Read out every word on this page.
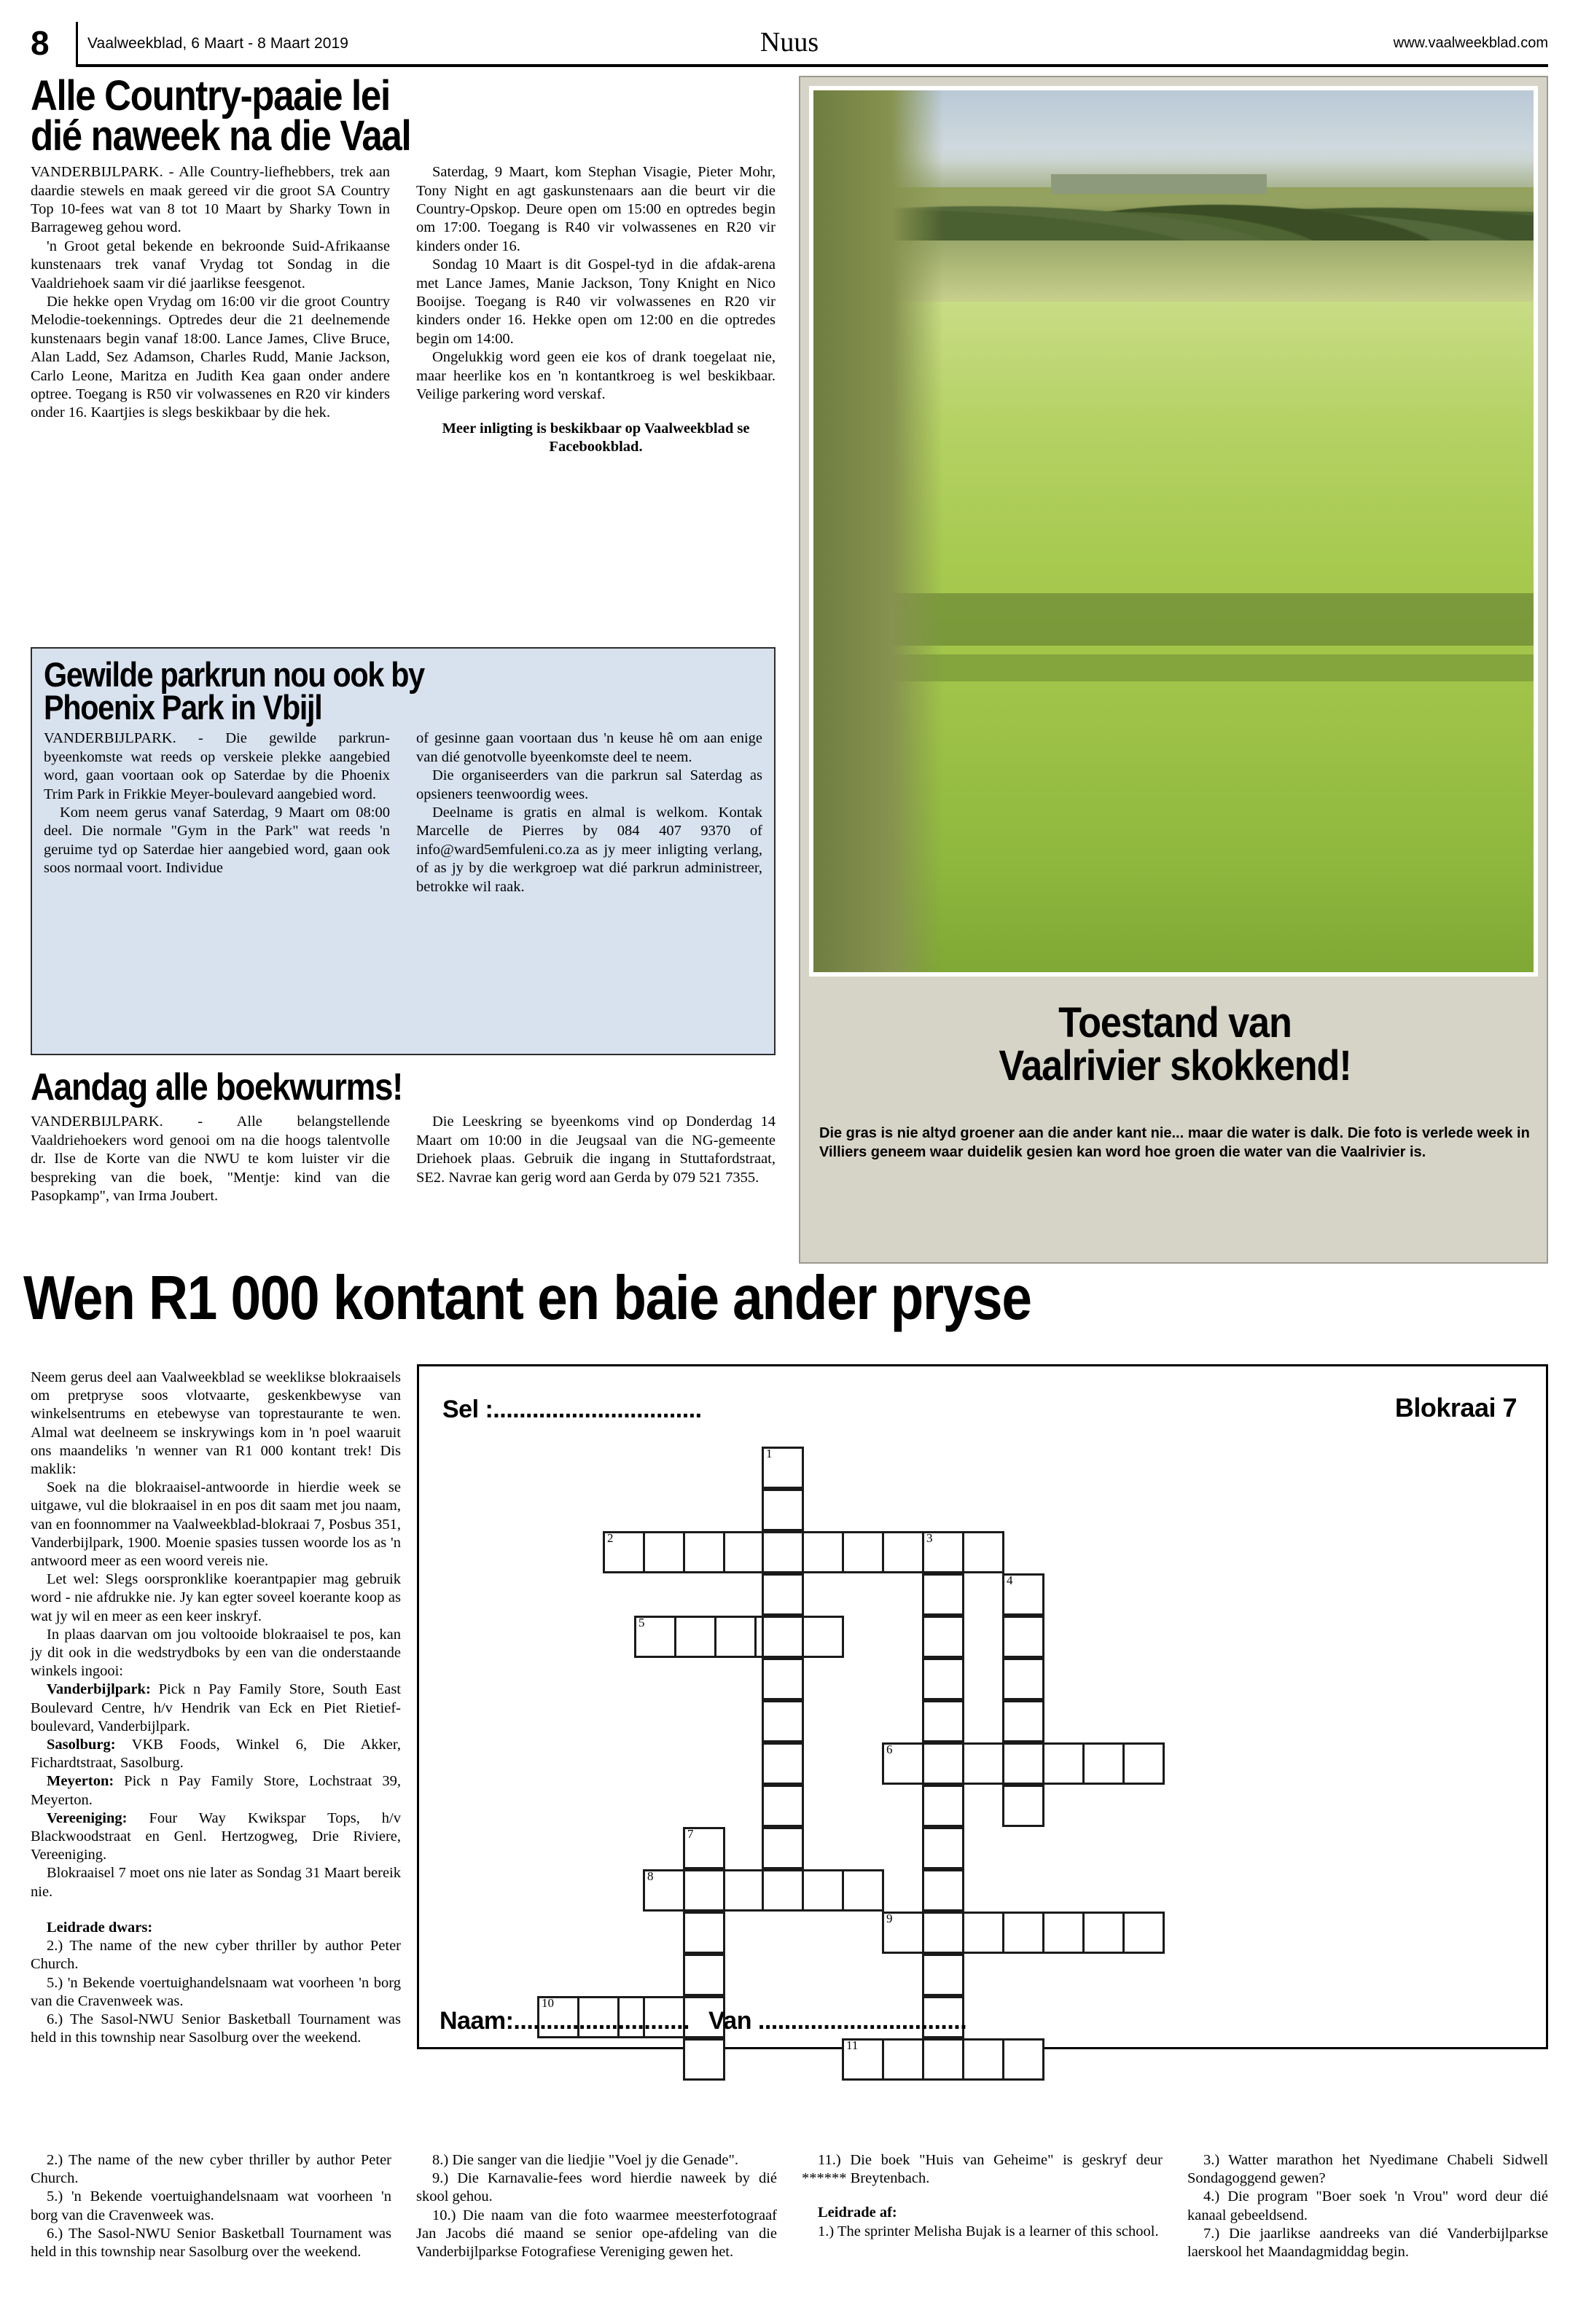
8 Vaalweekblad, 6 Maart - 8 Maart 2019	Nuus	www.vaalweekblad.com
Alle Country-paaie lei
dié naweek na die Vaal

VANDERBIJLPARK. - Alle Country-liefhebbers, trek aan daardie stewels en maak gereed vir die groot SA Country Top 10-fees wat van 8 tot 10 Maart by Sharky Town in Barrageweg gehou word.

'n Groot getal bekende en bekroonde Suid-Afrikaanse kunstenaars trek vanaf Vrydag tot Sondag in die Vaaldriehoek saam vir dié jaarlikse feesgenot.

Die hekke open Vrydag om 16:00 vir die groot Country Melodie-toekennings. Optredes deur die 21 deelnemende kunstenaars begin vanaf 18:00. Lance James, Clive Bruce, Alan Ladd, Sez Adamson, Charles Rudd, Manie Jackson, Carlo Leone, Maritza en Judith Kea gaan onder andere optree. Toegang is R50 vir volwassenes en R20 vir kinders onder 16. Kaartjies is slegs beskikbaar by die hek.

Saterdag, 9 Maart, kom Stephan Visagie, Pieter Mohr, Tony Night en agt gaskunstenaars aan die beurt vir die Country-Opskop. Deure open om 15:00 en optredes begin om 17:00. Toegang is R40 vir volwassenes en R20 vir kinders onder 16.

Sondag 10 Maart is dit Gospel-tyd in die afdak-arena met Lance James, Manie Jackson, Tony Knight en Nico Booijse. Toegang is R40 vir volwassenes en R20 vir kinders onder 16. Hekke open om 12:00 en die optredes begin om 14:00.

Ongelukkig word geen eie kos of drank toegelaat nie, maar heerlike kos en 'n kontantkroeg is wel beskikbaar. Veilige parkering word verskaf.

Meer inligting is beskikbaar op Vaalweekblad se Facebookblad.

Gewilde parkrun nou ook by
Phoenix Park in Vbijl

VANDERBIJLPARK. - Die gewilde parkrun-byeenkomste wat reeds op verskeie plekke aangebied word, gaan voortaan ook op Saterdae by die Phoenix Trim Park in Frikkie Meyer-boulevard aangebied word.

Kom neem gerus vanaf Saterdag, 9 Maart om 08:00 deel. Die normale "Gym in the Park" wat reeds 'n geruime tyd op Saterdae hier aangebied word, gaan ook soos normaal voort. Individue

of gesinne gaan voortaan dus 'n keuse hê om aan enige van dié genotvolle byeenkomste deel te neem.

Die organiseerders van die parkrun sal Saterdag as opsieners teenwoordig wees.

Deelname is gratis en almal is welkom. Kontak Marcelle de Pierres by 084 407 9370 of info@ward5emfuleni.co.za as jy meer inligting verlang, of as jy by die werkgroep wat dié parkrun administreer, betrokke wil raak.

Aandag alle boekwurms!

VANDERBIJLPARK. - Alle belangstellende Vaaldriehoekers word genooi om na die hoogs talentvolle dr. Ilse de Korte van die NWU te kom luister vir die bespreking van die boek, "Mentje: kind van die Pasopkamp", van Irma Joubert.

Die Leeskring se byeenkoms vind op Donderdag 14 Maart om 10:00 in die Jeugsaal van die NG-gemeente Driehoek plaas. Gebruik die ingang in Stuttafordstraat, SE2. Navrae kan gerig word aan Gerda by 079 521 7355.

Toestand van
Vaalrivier skokkend!
Die gras is nie altyd groener aan die ander kant nie... maar die water is dalk. Die foto is verlede week in Villiers geneem waar duidelik gesien kan word hoe groen die water van die Vaalrivier is.
Wen R1 000 kontant en baie ander pryse

Neem gerus deel aan Vaalweekblad se weeklikse blokraaisels om pretpryse soos vlotvaarte, geskenkbewyse van winkelsentrums en etebewyse van toprestaurante te wen. Almal wat deelneem se inskrywings kom in 'n poel waaruit ons maandeliks 'n wenner van R1 000 kontant trek! Dis maklik:

Soek na die blokraaisel-antwoorde in hierdie week se uitgawe, vul die blokraaisel in en pos dit saam met jou naam, van en foonnommer na Vaalweekblad-blokraai 7, Posbus 351, Vanderbijlpark, 1900. Moenie spasies tussen woorde los as 'n antwoord meer as een woord vereis nie.

Let wel: Slegs oorspronklike koerantpapier mag gebruik word - nie afdrukke nie. Jy kan egter soveel koerante koop as wat jy wil en meer as een keer inskryf.

In plaas daarvan om jou voltooide blokraaisel te pos, kan jy dit ook in die wedstrydboks by een van die onderstaande winkels ingooi:

Vanderbijlpark: Pick n Pay Family Store, South East Boulevard Centre, h/v Hendrik van Eck en Piet Rietief-boulevard, Vanderbijlpark.

Sasolburg: VKB Foods, Winkel 6, Die Akker, Fichardtstraat, Sasolburg.

Meyerton: Pick n Pay Family Store, Lochstraat 39, Meyerton.

Vereeniging: Four Way Kwikspar Tops, h/v Blackwoodstraat en Genl. Hertzogweg, Drie Riviere, Vereeniging.

Blokraaisel 7 moet ons nie later as Sondag 31 Maart bereik nie.

Leidrade dwars:

2.) The name of the new cyber thriller by author Peter Church.

5.) 'n Bekende voertuighandelsnaam wat voorheen 'n borg van die Cravenweek was.

6.) The Sasol-NWU Senior Basketball Tournament was held in this township near Sasolburg over the weekend.

Sel :................................	Blokraai 7
1
2	3
4
5
6
7
8
9
10
11
Naam:........................... Van ................................

2.) The name of the new cyber thriller by author Peter Church.

5.) 'n Bekende voertuighandelsnaam wat voorheen 'n borg van die Cravenweek was.

6.) The Sasol-NWU Senior Basketball Tournament was held in this township near Sasolburg over the weekend.

8.) Die sanger van die liedjie "Voel jy die Genade".

9.) Die Karnavalie-fees word hierdie naweek by dié skool gehou.

10.) Die naam van die foto waarmee meesterfotograaf Jan Jacobs dié maand se senior ope-afdeling van die Vanderbijlparkse Fotografiese Vereniging gewen het.

11.) Die boek "Huis van Geheime" is geskryf deur ****** Breytenbach.

Leidrade af:

1.) The sprinter Melisha Bujak is a learner of this school.

3.) Watter marathon het Nyedimane Chabeli Sidwell Sondagoggend gewen?

4.) Die program "Boer soek 'n Vrou" word deur dié kanaal gebeeldsend.

7.) Die jaarlikse aandreeks van dié Vanderbijlparkse laerskool het Maandagmiddag begin.
